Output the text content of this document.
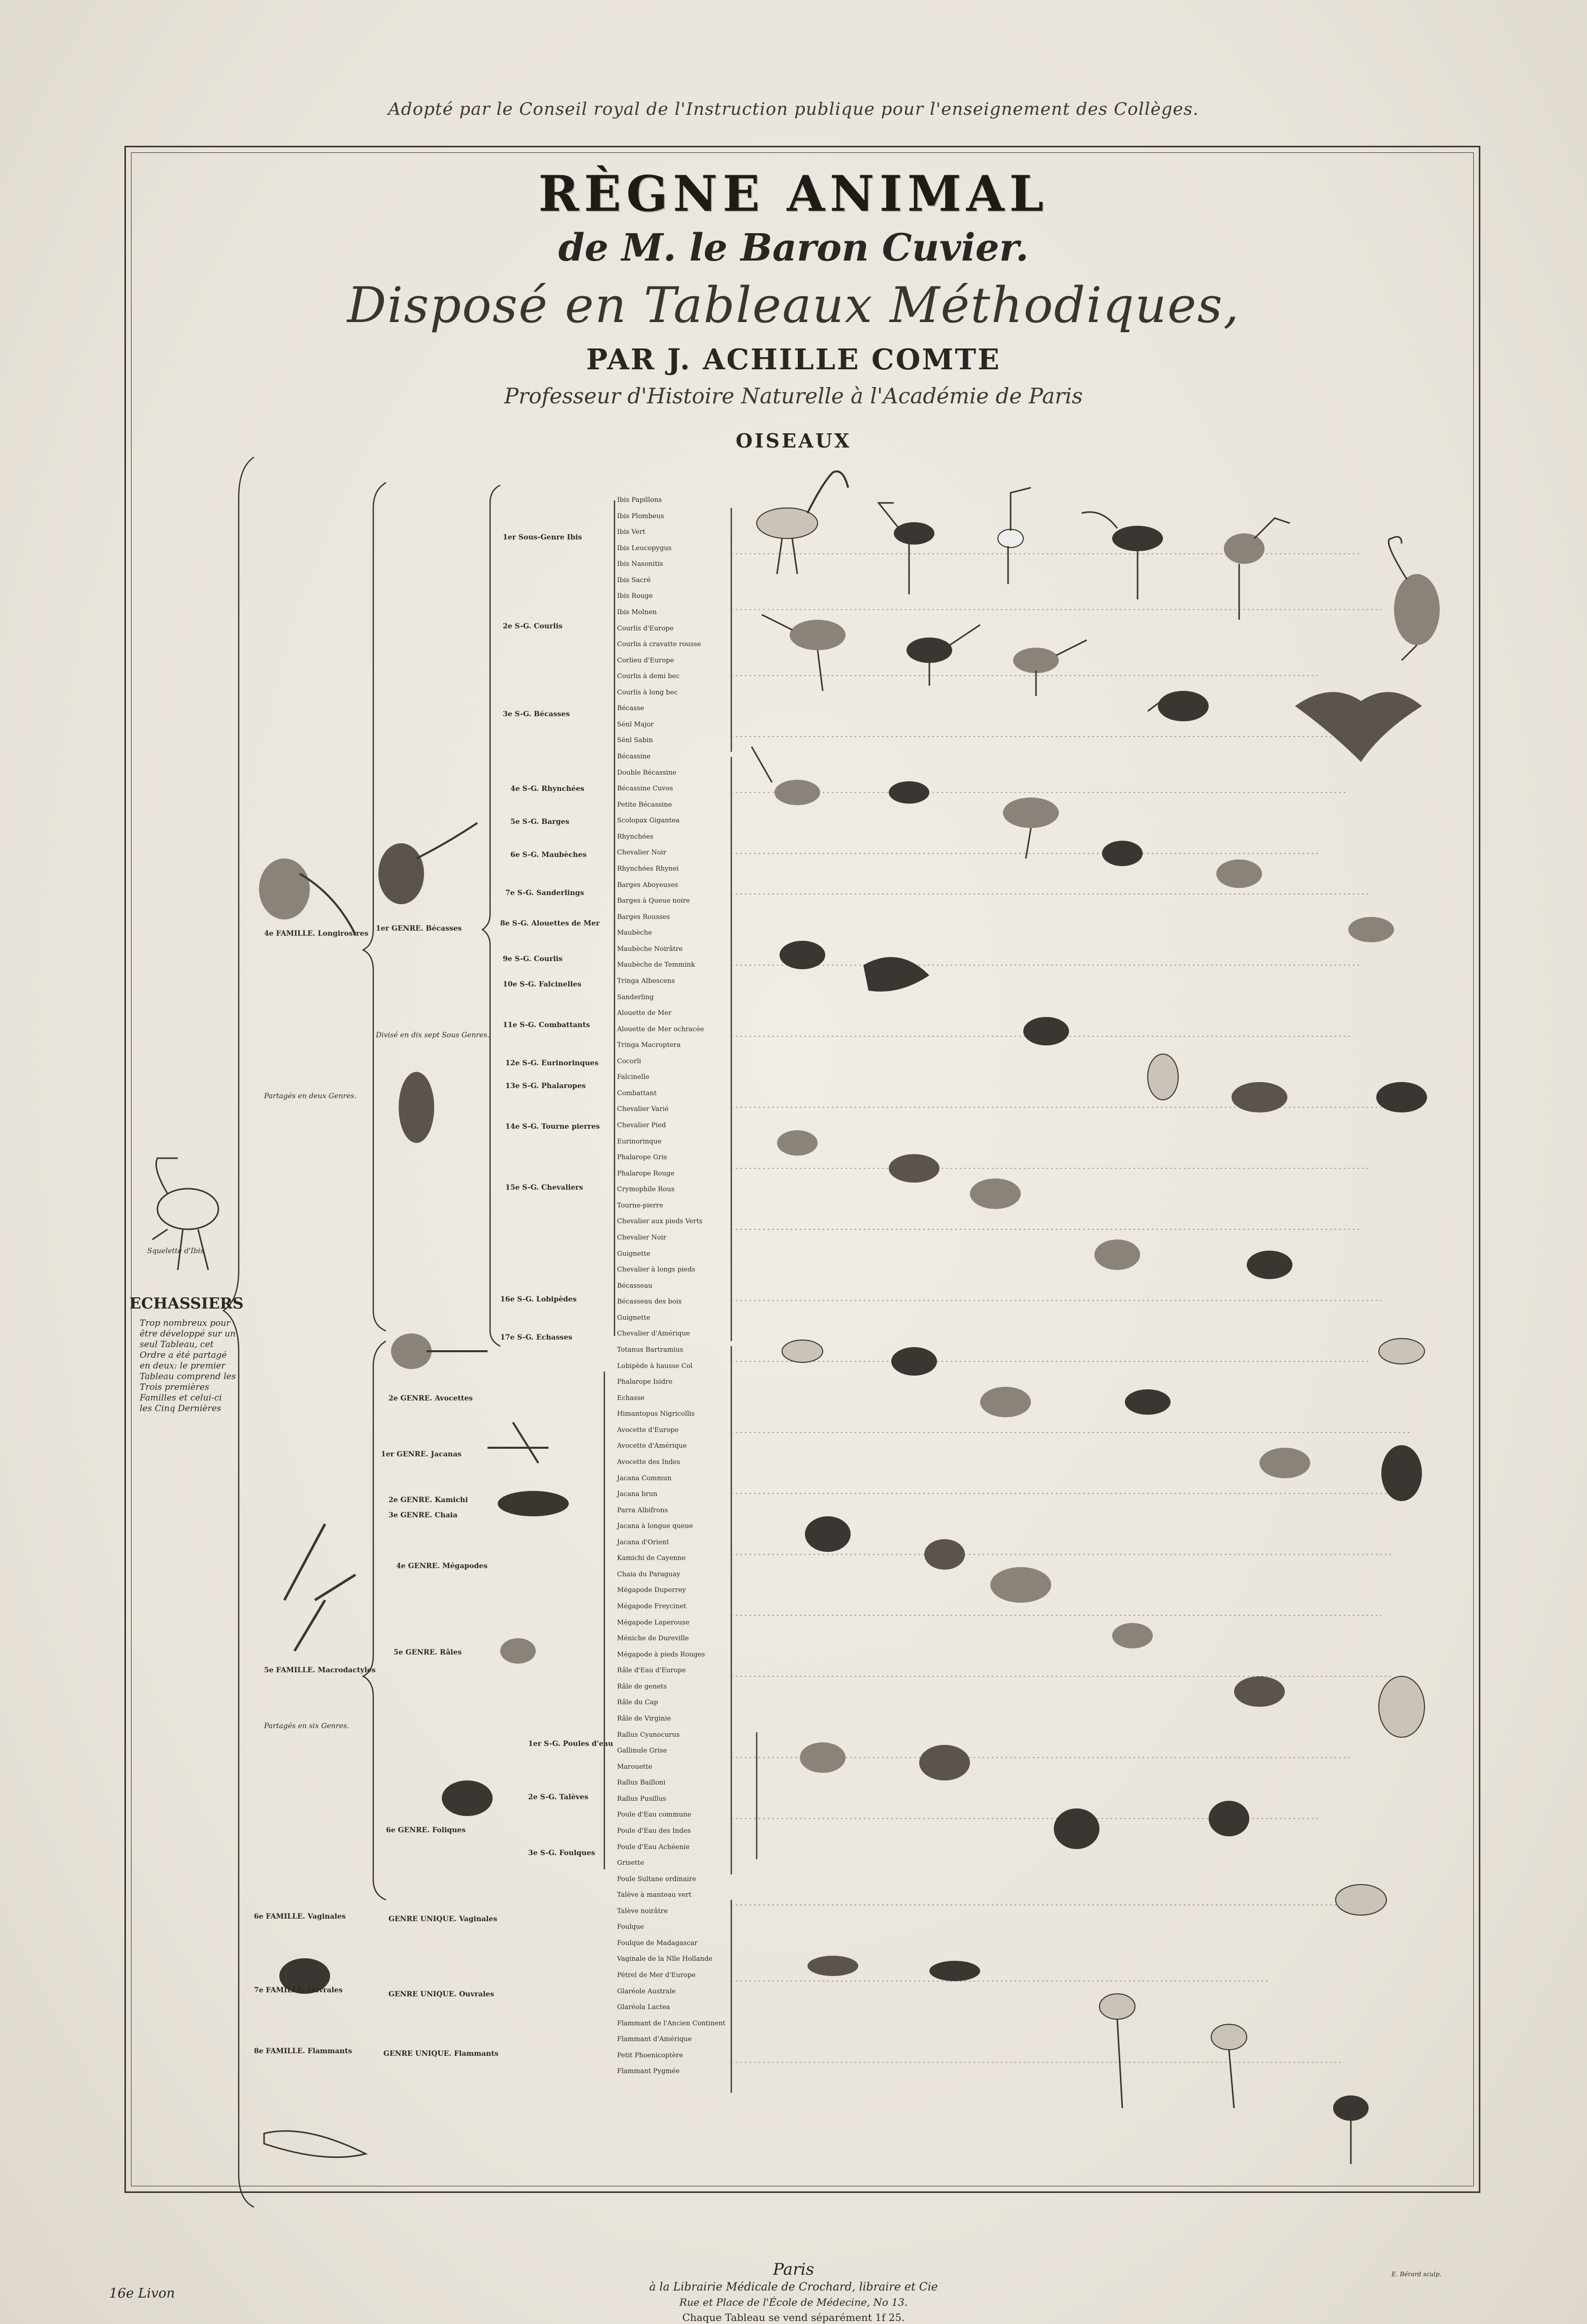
Adopté par le Conseil royal de l'Instruction publique pour l'enseignement des Collèges.
RÈGNE ANIMAL
de M. le Baron Cuvier.
Disposé en Tableaux Méthodiques,
PAR J. ACHILLE COMTE
Professeur d'Histoire Naturelle à l'Académie de Paris
OISEAUX
ECHASSIERS
Trop nombreux pour être développé sur un seul Tableau, cet Ordre a été partagé en deux: le premier Tableau comprend les Trois premières Familles et celui-ci les Cinq Dernières
Squelette d'Ibis
4e FAMILLE. Longirostres
Partagés en deux Genres.
5e FAMILLE. Macrodactyles
Partagés en six Genres.
6e FAMILLE. Vaginales
7e FAMILLE. Ouvrales
8e FAMILLE. Flammants
1er GENRE. Bécasses
Divisé en dix sept Sous Genres.
2e GENRE. Avocettes
1er GENRE. Jacanas
2e GENRE. Kamichi
3e GENRE. Chaia
4e GENRE. Mégapodes
5e GENRE. Râles
6e GENRE. Foliques
GENRE UNIQUE. Vaginales
GENRE UNIQUE. Ouvrales
GENRE UNIQUE. Flammants
1er Sous-Genre Ibis
2e S-G. Courlis
3e S-G. Bécasses
4e S-G. Rhynchées
5e S-G. Barges
6e S-G. Maubèches
7e S-G. Sanderlings
8e S-G. Alouettes de Mer
9e S-G. Courlis
10e S-G. Falcinelles
11e S-G. Combattants
12e S-G. Eurinorinques
13e S-G. Phalaropes
14e S-G. Tourne pierres
15e S-G. Chevaliers
16e S-G. Lobipèdes
17e S-G. Echasses
1er S-G. Poules d'eau
2e S-G. Talèves
3e S-G. Foulques
Ibis Papillons
Ibis Plombeus
Ibis Vert
Ibis Leucopygus
Ibis Nasonitis
Ibis Sacré
Ibis Rouge
Ibis Molnen
Courlis d'Europe
Courlis à cravatte rousse
Corlieu d'Europe
Courlis à demi bec
Courlis à long bec
Bécasse
Sénl Major
Sénl Sabin
Bécassine
Double Bécassine
Bécassine Cuvos
Petite Bécassine
Scolopax Gigantea
Rhynchées
Chevalier Noir
Rhynchées Rhynei
Barges Aboyeuses
Barges à Queue noire
Barges Rousses
Maubèche
Maubèche Noirâtre
Maubèche de Temmink
Tringa Albescens
Sanderling
Alouette de Mer
Alouette de Mer ochracée
Tringa Macroptera
Cocorli
Falcinelle
Combattant
Chevalier Varié
Chevalier Pied
Eurinorinque
Phalarope Gris
Phalarope Rouge
Crymophile Rous
Tourne-pierre
Chevalier aux pieds Verts
Chevalier Noir
Guignette
Chevalier à longs pieds
Bécasseau
Bécasseau des bois
Guignette
Chevalier d'Amérique
Totanus Bartramius
Lobipède à hausse Col
Phalarope Isidre
Echasse
Himantopus Nigricollis
Avocette d'Europe
Avocette d'Amérique
Avocette des Indes
Jacana Commun
Jacana brun
Parra Albifrons
Jacana à longue queue
Jacana d'Orient
Kamichi de Cayenne
Chaia du Paraguay
Mégapode Duperrey
Mégapode Freycinet
Mégapode Laperouse
Méniche de Dureville
Mégapode à pieds Rouges
Râle d'Eau d'Europe
Râle de genets
Râle du Cap
Râle de Virginie
Rallus Cyanocurus
Gallinule Grise
Marouette
Rallus Bailloni
Rallus Pusillus
Poule d'Eau commune
Poule d'Eau des Indes
Poule d'Eau Achéenie
Grisette
Poule Sultane ordinaire
Talève à manteau vert
Talève noirâtre
Foulque
Foulque de Madagascar
Vaginale de la Nlle Hollande
Pétrel de Mer d'Europe
Glaréole Australe
Glaréola Lactea
Flammant de l'Ancien Continent
Flammant d'Amérique
Petit Phoenicoptère
Flammant Pygmée
Paris
à la Librairie Médicale de Crochard, libraire et Cie
Rue et Place de l'École de Médecine, No 13.
Chaque Tableau se vend séparément 1f 25.
16e Livon
E. Bérard sculp.
